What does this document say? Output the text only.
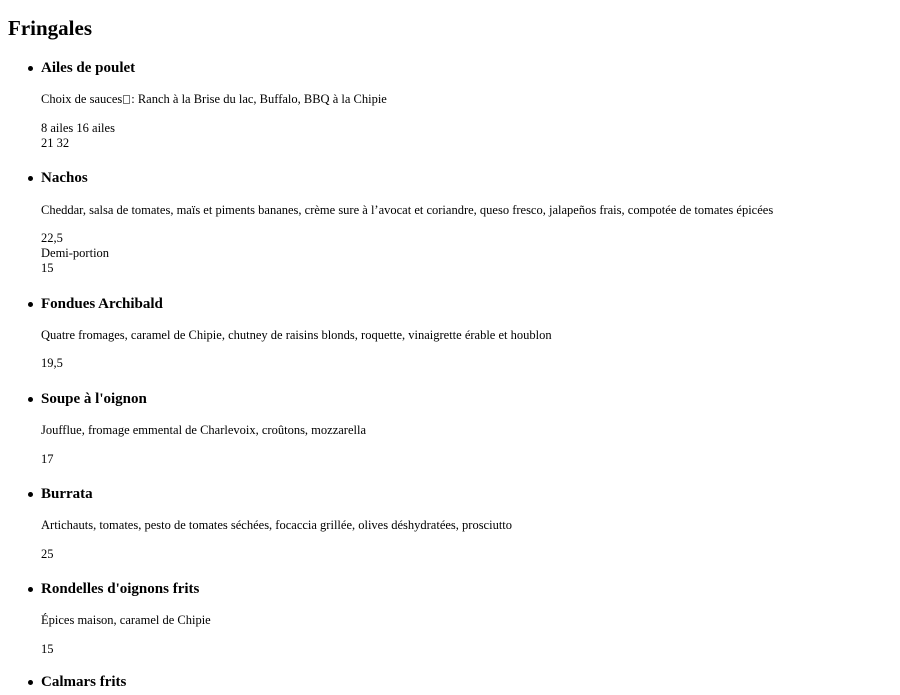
Fringales
Ailes de poulet

Choix de sauces : Ranch à la Brise du lac, Buffalo, BBQ à la Chipie

8 ailes 16 ailes
21 32
Nachos

Cheddar, salsa de tomates, maïs et piments bananes, crème sure à l’avocat et coriandre, queso fresco, jalapeños frais, compotée de tomates épicées

22,5
Demi-portion
15
Fondues Archibald

Quatre fromages, caramel de Chipie, chutney de raisins blonds, roquette, vinaigrette érable et houblon

19,5
Soupe à l'oignon

Joufflue, fromage emmental de Charlevoix, croûtons, mozzarella

17
Burrata

Artichauts, tomates, pesto de tomates séchées, focaccia grillée, olives déshydratées, prosciutto

25
Rondelles d'oignons frits

Épices maison, caramel de Chipie

15
Calmars frits
